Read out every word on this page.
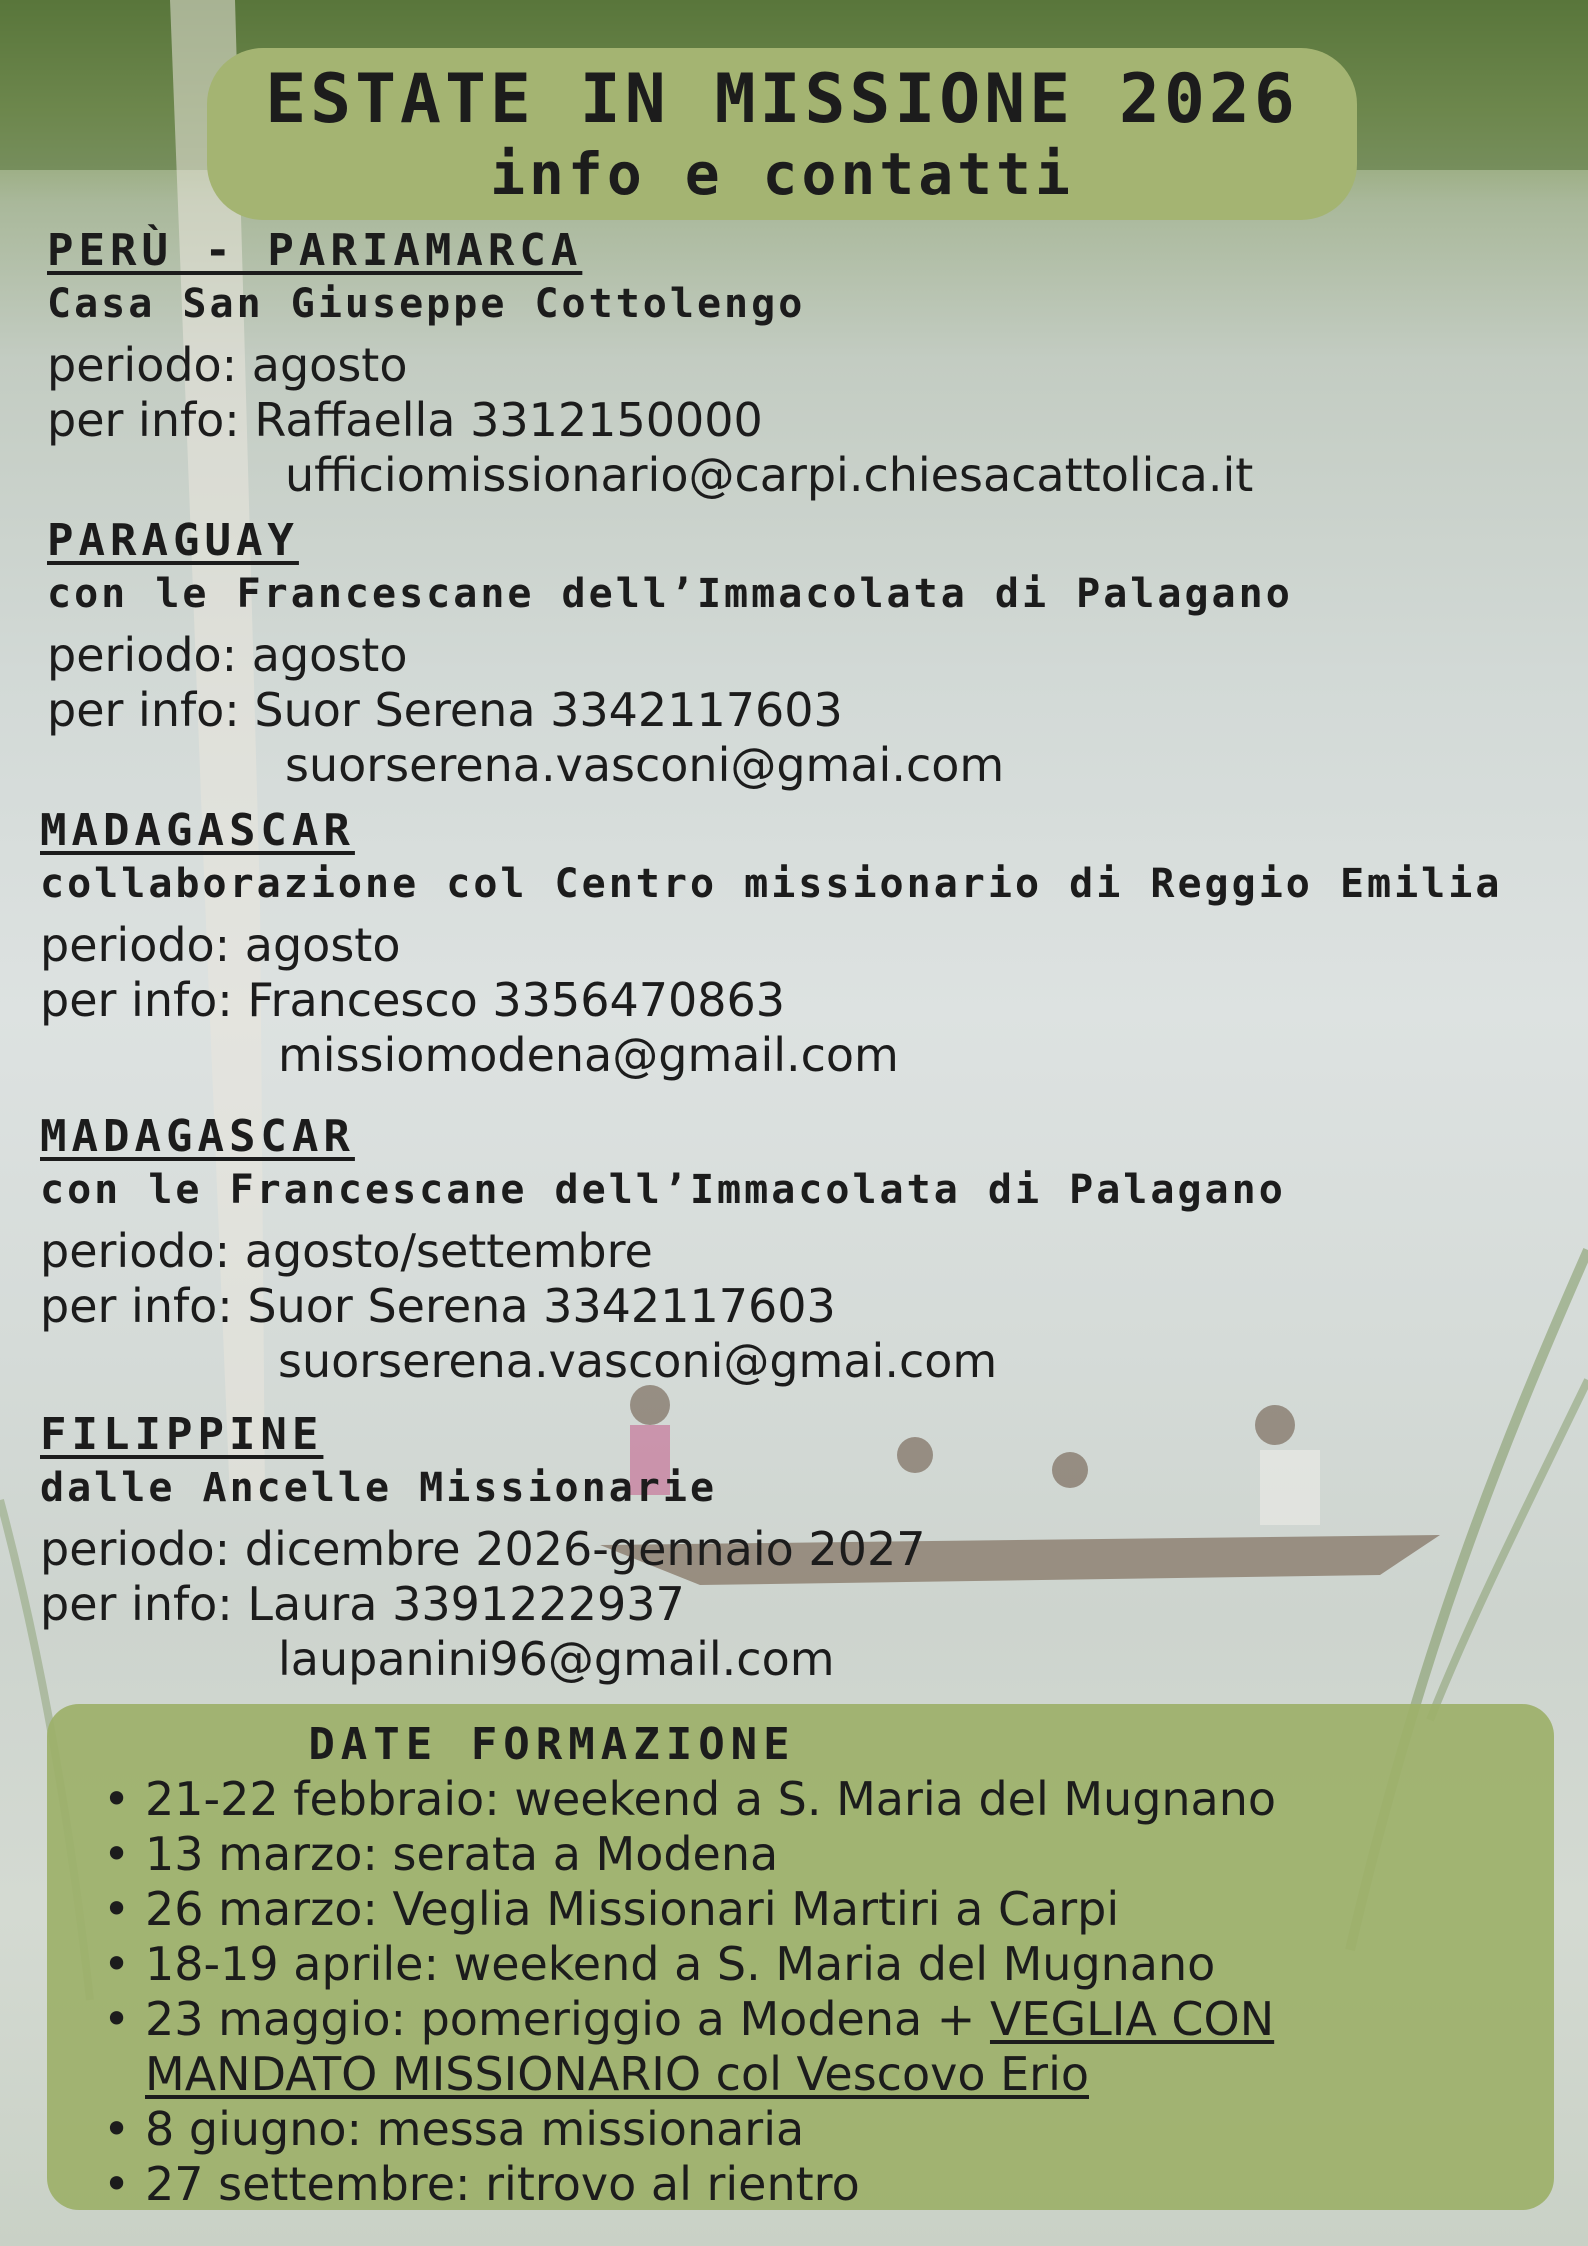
ESTATE IN MISSIONE 2026
info e contatti
PERÙ - PARIAMARCA
Casa San Giuseppe Cottolengo
periodo: agosto
per info: Raffaella 3312150000
ufficiomissionario@carpi.chiesacattolica.it
PARAGUAY
con le Francescane dell’Immacolata di Palagano
periodo: agosto
per info: Suor Serena 3342117603
suorserena.vasconi@gmai.com
MADAGASCAR
collaborazione col Centro missionario di Reggio Emilia
periodo: agosto
per info: Francesco 3356470863
missiomodena@gmail.com
MADAGASCAR
con le Francescane dell’Immacolata di Palagano
periodo: agosto/settembre
per info: Suor Serena 3342117603
suorserena.vasconi@gmai.com
FILIPPINE
dalle Ancelle Missionarie
periodo: dicembre 2026-gennaio 2027
per info: Laura 3391222937
laupanini96@gmail.com
DATE FORMAZIONE
• 21-22 febbraio: weekend a S. Maria del Mugnano
• 13 marzo: serata a Modena
• 26 marzo: Veglia Missionari Martiri a Carpi
• 18-19 aprile: weekend a S. Maria del Mugnano
• 23 maggio: pomeriggio a Modena + VEGLIA CON
MANDATO MISSIONARIO col Vescovo Erio
• 8 giugno: messa missionaria
• 27 settembre: ritrovo al rientro
